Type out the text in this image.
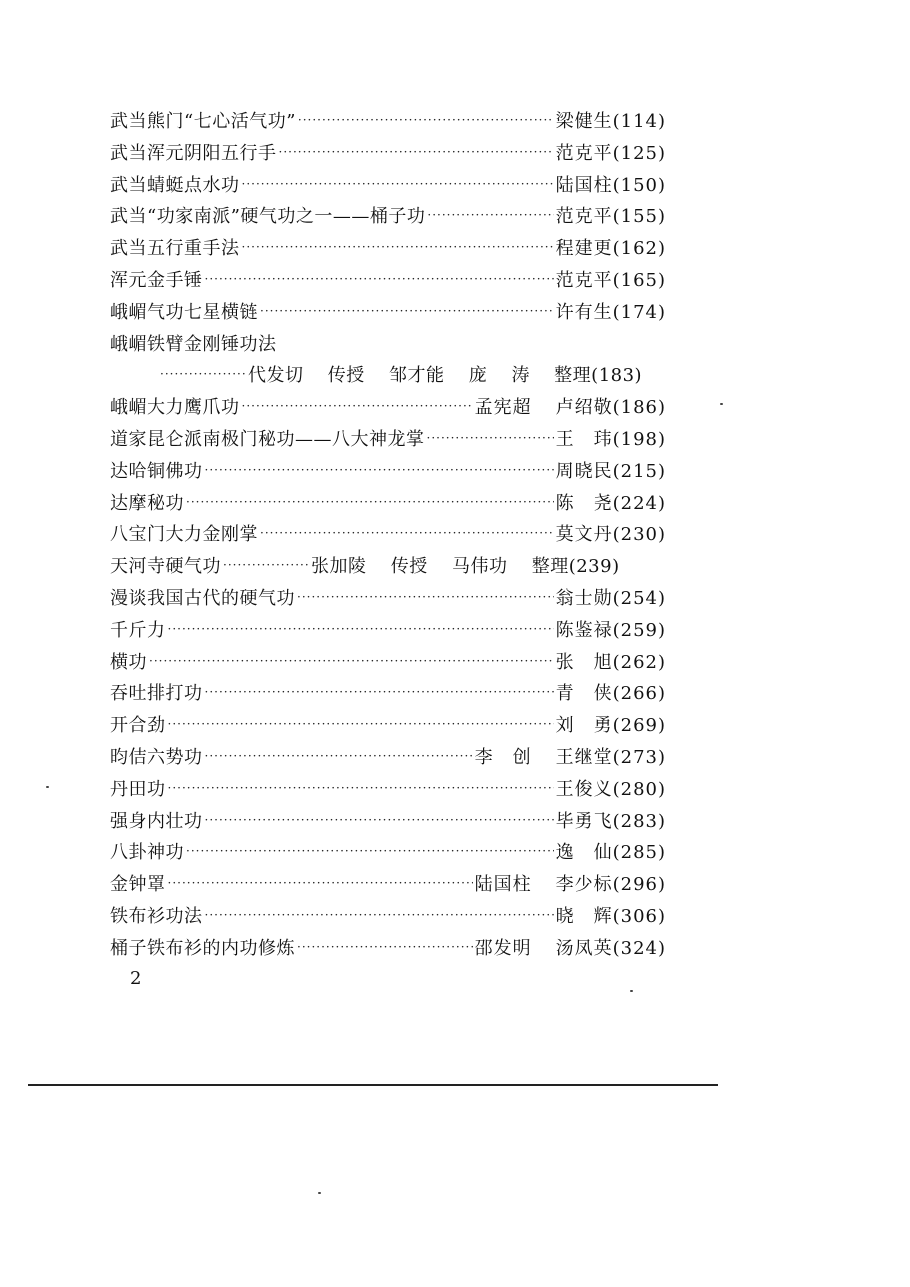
武当熊门“七心活气功” ·····	梁健生(114)
武当浑元阴阳五行手 ·····	范克平(125)
武当蜻蜓点水功 ·····	陆国柱(150)
武当“功家南派”硬气功之一——桶子功 ·····	范克平(155)
武当五行重手法 ·····	程建更(162)
浑元金手锤 ·····	范克平(165)
峨嵋气功七星横链 ·····	许有生(174)
峨嵋铁臂金刚锤功法
·····
代发切 传授 邹才能 庞 涛 整理(183)
峨嵋大力鹰爪功 ·····	孟宪超 卢绍敬(186)
道家昆仑派南极门秘功——八大神龙掌 ·····	王　玮(198)
达哈铜佛功 ·····	周晓民(215)
达摩秘功 ·····	陈　尧(224)
八宝门大力金刚掌 ·····	莫文丹(230)
天河寺硬气功 ·····	张加陵 传授 马伟功 整理(239)
漫谈我国古代的硬气功 ·····	翁士勋(254)
千斤力 ·····	陈鉴禄(259)
横功 ·····	张　旭(262)
吞吐排打功 ·····	青　侠(266)
开合劲 ·····	刘　勇(269)
昀佶六势功 ·····	李　创 王继堂(273)
丹田功 ·····	王俊义(280)
强身内壮功 ·····	毕勇飞(283)
八卦神功 ·····	逸　仙(285)
金钟罩 ·····	陆国柱 李少标(296)
铁布衫功法 ·····	晓　辉(306)
桶子铁布衫的内功修炼 ·····	邵发明 汤凤英(324)
2
